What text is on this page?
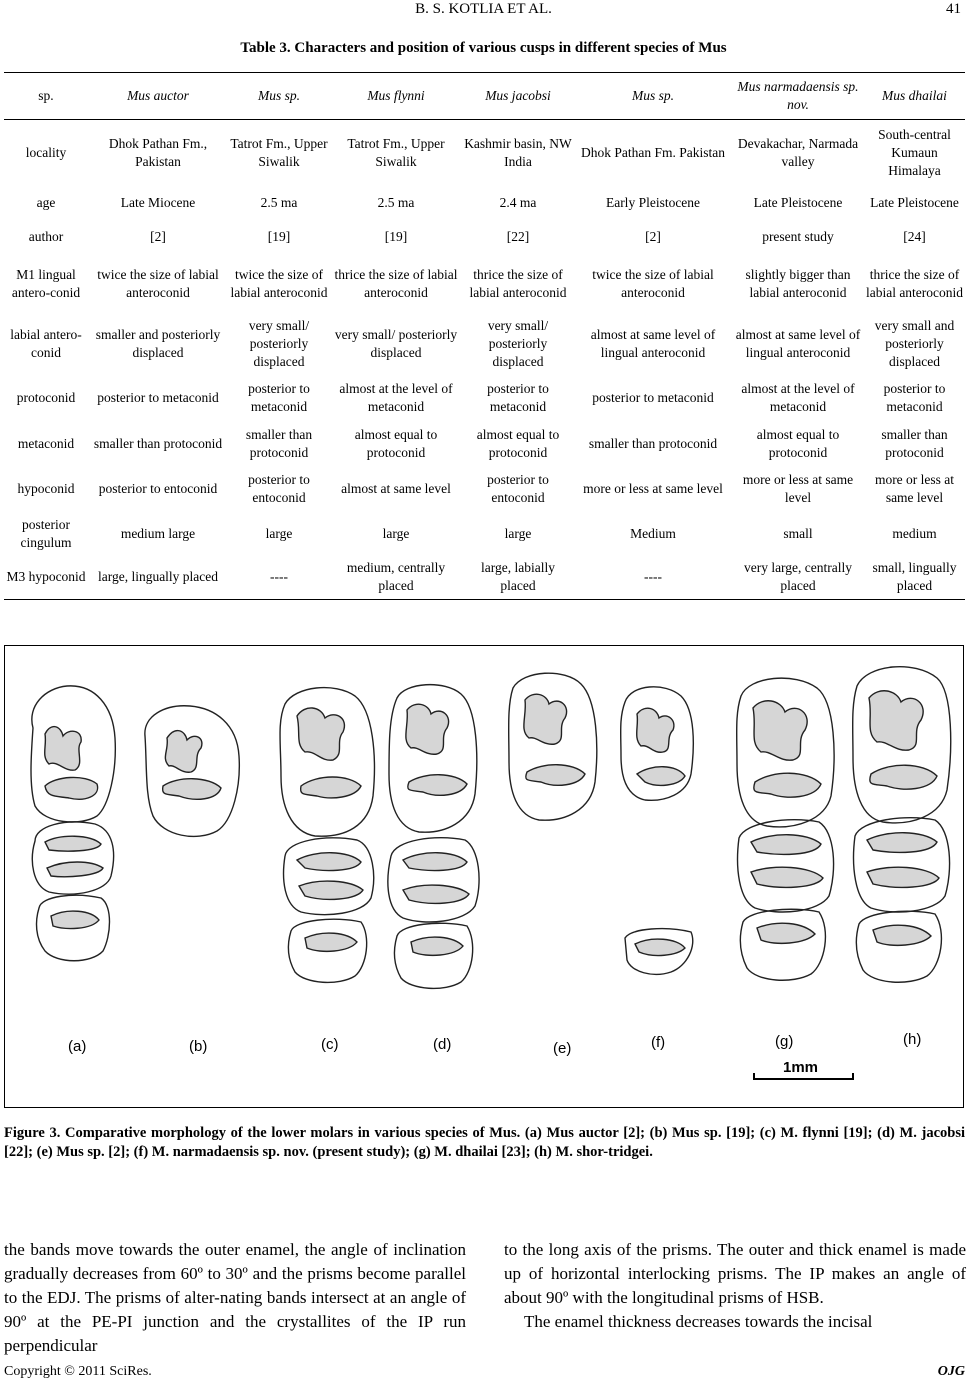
B. S. KOTLIA ET AL.	41
Table 3. Characters and position of various cusps in different species of Mus
sp.	Mus auctor	Mus sp.	Mus flynni	Mus jacobsi	Mus sp.	Mus narmadaensis sp. nov.	Mus dhailai
locality	Dhok Pathan Fm., Pakistan	Tatrot Fm., Upper Siwalik	Tatrot Fm., Upper Siwalik	Kashmir basin, NW India	Dhok Pathan Fm. Pakistan	Devakachar, Narmada valley	South-central Kumaun Himalaya
age	Late Miocene	2.5 ma	2.5 ma	2.4 ma	Early Pleistocene	Late Pleistocene	Late Pleistocene
author	[2]	[19]	[19]	[22]	[2]	present study	[24]
M1 lingual antero-conid	twice the size of labial anteroconid	twice the size of labial anteroconid	thrice the size of labial anteroconid	thrice the size of labial anteroconid	twice the size of labial anteroconid	slightly bigger than labial anteroconid	thrice the size of labial anteroconid
labial antero-conid	smaller and posteriorly displaced	very small/ posteriorly displaced	very small/ posteriorly displaced	very small/ posteriorly displaced	almost at same level of lingual anteroconid	almost at same level of lingual anteroconid	very small and posteriorly displaced
protoconid	posterior to metaconid	posterior to metaconid	almost at the level of metaconid	posterior to metaconid	posterior to metaconid	almost at the level of metaconid	posterior to metaconid
metaconid	smaller than protoconid	smaller than protoconid	almost equal to protoconid	almost equal to protoconid	smaller than protoconid	almost equal to protoconid	smaller than protoconid
hypoconid	posterior to entoconid	posterior to entoconid	almost at same level	posterior to entoconid	more or less at same level	more or less at same level	more or less at same level
posterior cingulum	medium large	large	large	large	Medium	small	medium
M3 hypoconid	large, lingually placed	----	medium, centrally placed	large, labially placed	----	very large, centrally placed	small, lingually placed
(a)	(b)	(c)	(d)	(e)	(f)	(g)	(h)
1mm
Figure 3. Comparative morphology of the lower molars in various species of Mus. (a) Mus auctor [2]; (b) Mus sp. [19]; (c) M. flynni [19]; (d) M. jacobsi [22]; (e) Mus sp. [2]; (f) M. narmadaensis sp. nov. (present study); (g) M. dhailai [23]; (h) M. shor-tridgei.

the bands move towards the outer enamel, the angle of inclination gradually decreases from 60º to 30º and the prisms become parallel to the EDJ. The prisms of alter-nating bands intersect at an angle of 90º at the PE-PI junction and the crystallites of the IP run perpendicular

to the long axis of the prisms. The outer and thick enamel is made up of horizontal interlocking prisms. The IP makes an angle of about 90º with the longitudinal prisms of HSB.

The enamel thickness decreases towards the incisal

Copyright © 2011 SciRes.	OJG
